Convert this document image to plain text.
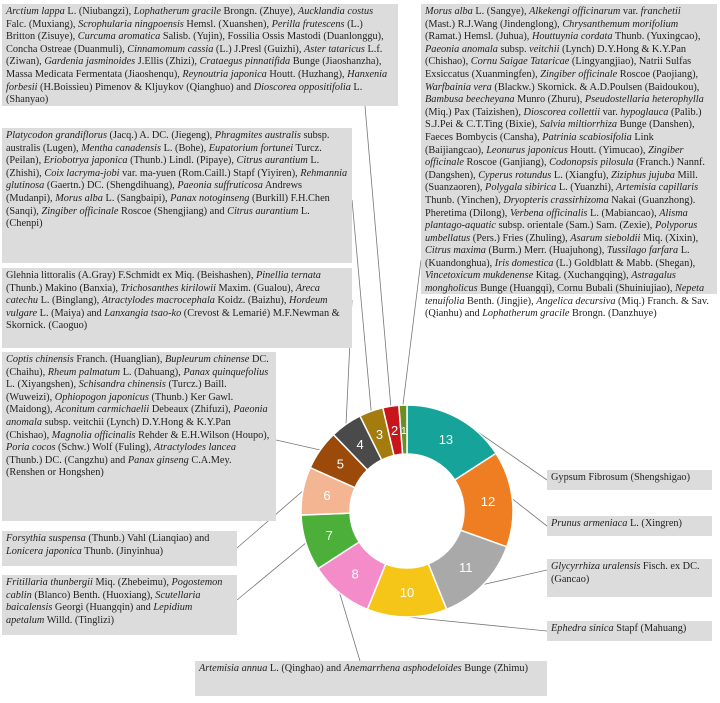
13
12
11
10
8
7
6
5
4
3 2 1
Gypsum Fibrosum (Shengshigao)
Prunus armeniaca L. (Xingren)
Glycyrrhiza uralensis Fisch. ex DC. (Gancao)
Ephedra sinica Stapf (Mahuang)
Artemisia annua L. (Qinghao) and Anemarrhena asphodeloides Bunge (Zhimu)
Fritillaria thunbergii Miq. (Zhebeimu), Pogostemon cablin (Blanco) Benth. (Huoxiang), Scutellaria baicalensis Georgi (Huangqin) and Lepidium apetalum Willd. (Tinglizi)
Forsythia suspensa (Thunb.) Vahl (Lianqiao) and Lonicera japonica Thunb. (Jinyinhua)
Coptis chinensis Franch. (Huanglian), Bupleurum chinense DC. (Chaihu), Rheum palmatum L. (Dahuang), Panax quinquefolius L. (Xiyangshen), Schisandra chinensis (Turcz.) Baill. (Wuweizi), Ophiopogon japonicus (Thunb.) Ker Gawl. (Maidong), Aconitum carmichaelii Debeaux (Zhifuzi), Paeonia anomala subsp. veitchii (Lynch) D.Y.Hong & K.Y.Pan (Chishao), Magnolia officinalis Rehder & E.H.Wilson (Houpo), Poria cocos (Schw.) Wolf (Fuling), Atractylodes lancea (Thunb.) DC. (Cangzhu) and Panax ginseng C.A.Mey. (Renshen or Hongshen)
Glehnia littoralis (A.Gray) F.Schmidt ex Miq. (Beishashen), Pinellia ternata (Thunb.) Makino (Banxia), Trichosanthes kirilowii Maxim. (Gualou), Areca catechu L. (Binglang), Atractylodes macrocephala Koidz. (Baizhu), Hordeum vulgare L. (Maiya) and Lanxangia tsao-ko (Crevost & Lemarié) M.F.Newman & Skornick. (Caoguo)
Platycodon grandiflorus (Jacq.) A. DC. (Jiegeng), Phragmites australis subsp. australis (Lugen), Mentha canadensis L. (Bohe), Eupatorium fortunei Turcz. (Peilan), Eriobotrya japonica (Thunb.) Lindl. (Pipaye), Citrus aurantium L. (Zhishi), Coix lacryma-jobi var. ma-yuen (Rom.Caill.) Stapf (Yiyiren), Rehmannia glutinosa (Gaertn.) DC. (Shengdihuang), Paeonia suffruticosa Andrews (Mudanpi), Morus alba L. (Sangbaipi), Panax notoginseng (Burkill) F.H.Chen (Sanqi), Zingiber officinale Roscoe (Shengjiang) and Citrus aurantium L. (Chenpi)
Arctium lappa L. (Niubangzi), Lophatherum gracile Brongn. (Zhuye), Aucklandia costus Falc. (Muxiang), Scrophularia ningpoensis Hemsl. (Xuanshen), Perilla frutescens (L.) Britton (Zisuye), Curcuma aromatica Salisb. (Yujin), Fossilia Ossis Mastodi (Duanlonggu), Concha Ostreae (Duanmuli), Cinnamomum cassia (L.) J.Presl (Guizhi), Aster tataricus L.f. (Ziwan), Gardenia jasminoides J.Ellis (Zhizi), Crataegus pinnatifida Bunge (Jiaoshanzha), Massa Medicata Fermentata (Jiaoshenqu), Reynoutria japonica Houtt. (Huzhang), Hanxenia forbesii (H.Boissieu) Pimenov & Kljuykov (Qianghuo) and Dioscorea oppositifolia L. (Shanyao)
Morus alba L. (Sangye), Alkekengi officinarum var. franchetii (Mast.) R.J.Wang (Jindenglong), Chrysanthemum morifolium (Ramat.) Hemsl. (Juhua), Houttuynia cordata Thunb. (Yuxingcao), Paeonia anomala subsp. veitchii (Lynch) D.Y.Hong & K.Y.Pan (Chishao), Cornu Saigae Tataricae (Lingyangjiao), Natrii Sulfas Exsiccatus (Xuanmingfen), Zingiber officinale Roscoe (Paojiang), Warfbainia vera (Blackw.) Skornick. & A.D.Poulsen (Baidoukou), Bambusa beecheyana Munro (Zhuru), Pseudostellaria heterophylla (Miq.) Pax (Taizishen), Dioscorea collettii var. hypoglauca (Palib.) S.J.Pei & C.T.Ting (Bixie), Salvia miltiorrhiza Bunge (Danshen), Faeces Bombycis (Cansha), Patrinia scabiosifolia Link (Baijiangcao), Leonurus japonicus Houtt. (Yimucao), Zingiber officinale Roscoe (Ganjiang), Codonopsis pilosula (Franch.) Nannf. (Dangshen), Cyperus rotundus L. (Xiangfu), Ziziphus jujuba Mill. (Suanzaoren), Polygala sibirica L. (Yuanzhi), Artemisia capillaris Thunb. (Yinchen), Dryopteris crassirhizoma Nakai (Guanzhong). Pheretima (Dilong), Verbena officinalis L. (Mabiancao), Alisma plantago-aquatic subsp. orientale (Sam.) Sam. (Zexie), Polyporus umbellatus (Pers.) Fries (Zhuling), Asarum sieboldii Miq. (Xixin), Citrus maxima (Burm.) Merr. (Huajuhong), Tussilago farfara L. (Kuandonghua), Iris domestica (L.) Goldblatt & Mabb. (Shegan), Vincetoxicum mukdenense Kitag. (Xuchangqing), Astragalus mongholicus Bunge (Huangqi), Cornu Bubali (Shuiniujiao), Nepeta tenuifolia Benth. (Jingjie), Angelica decursiva (Miq.) Franch. & Sav. (Qianhu) and Lophatherum gracile Brongn. (Danzhuye)
